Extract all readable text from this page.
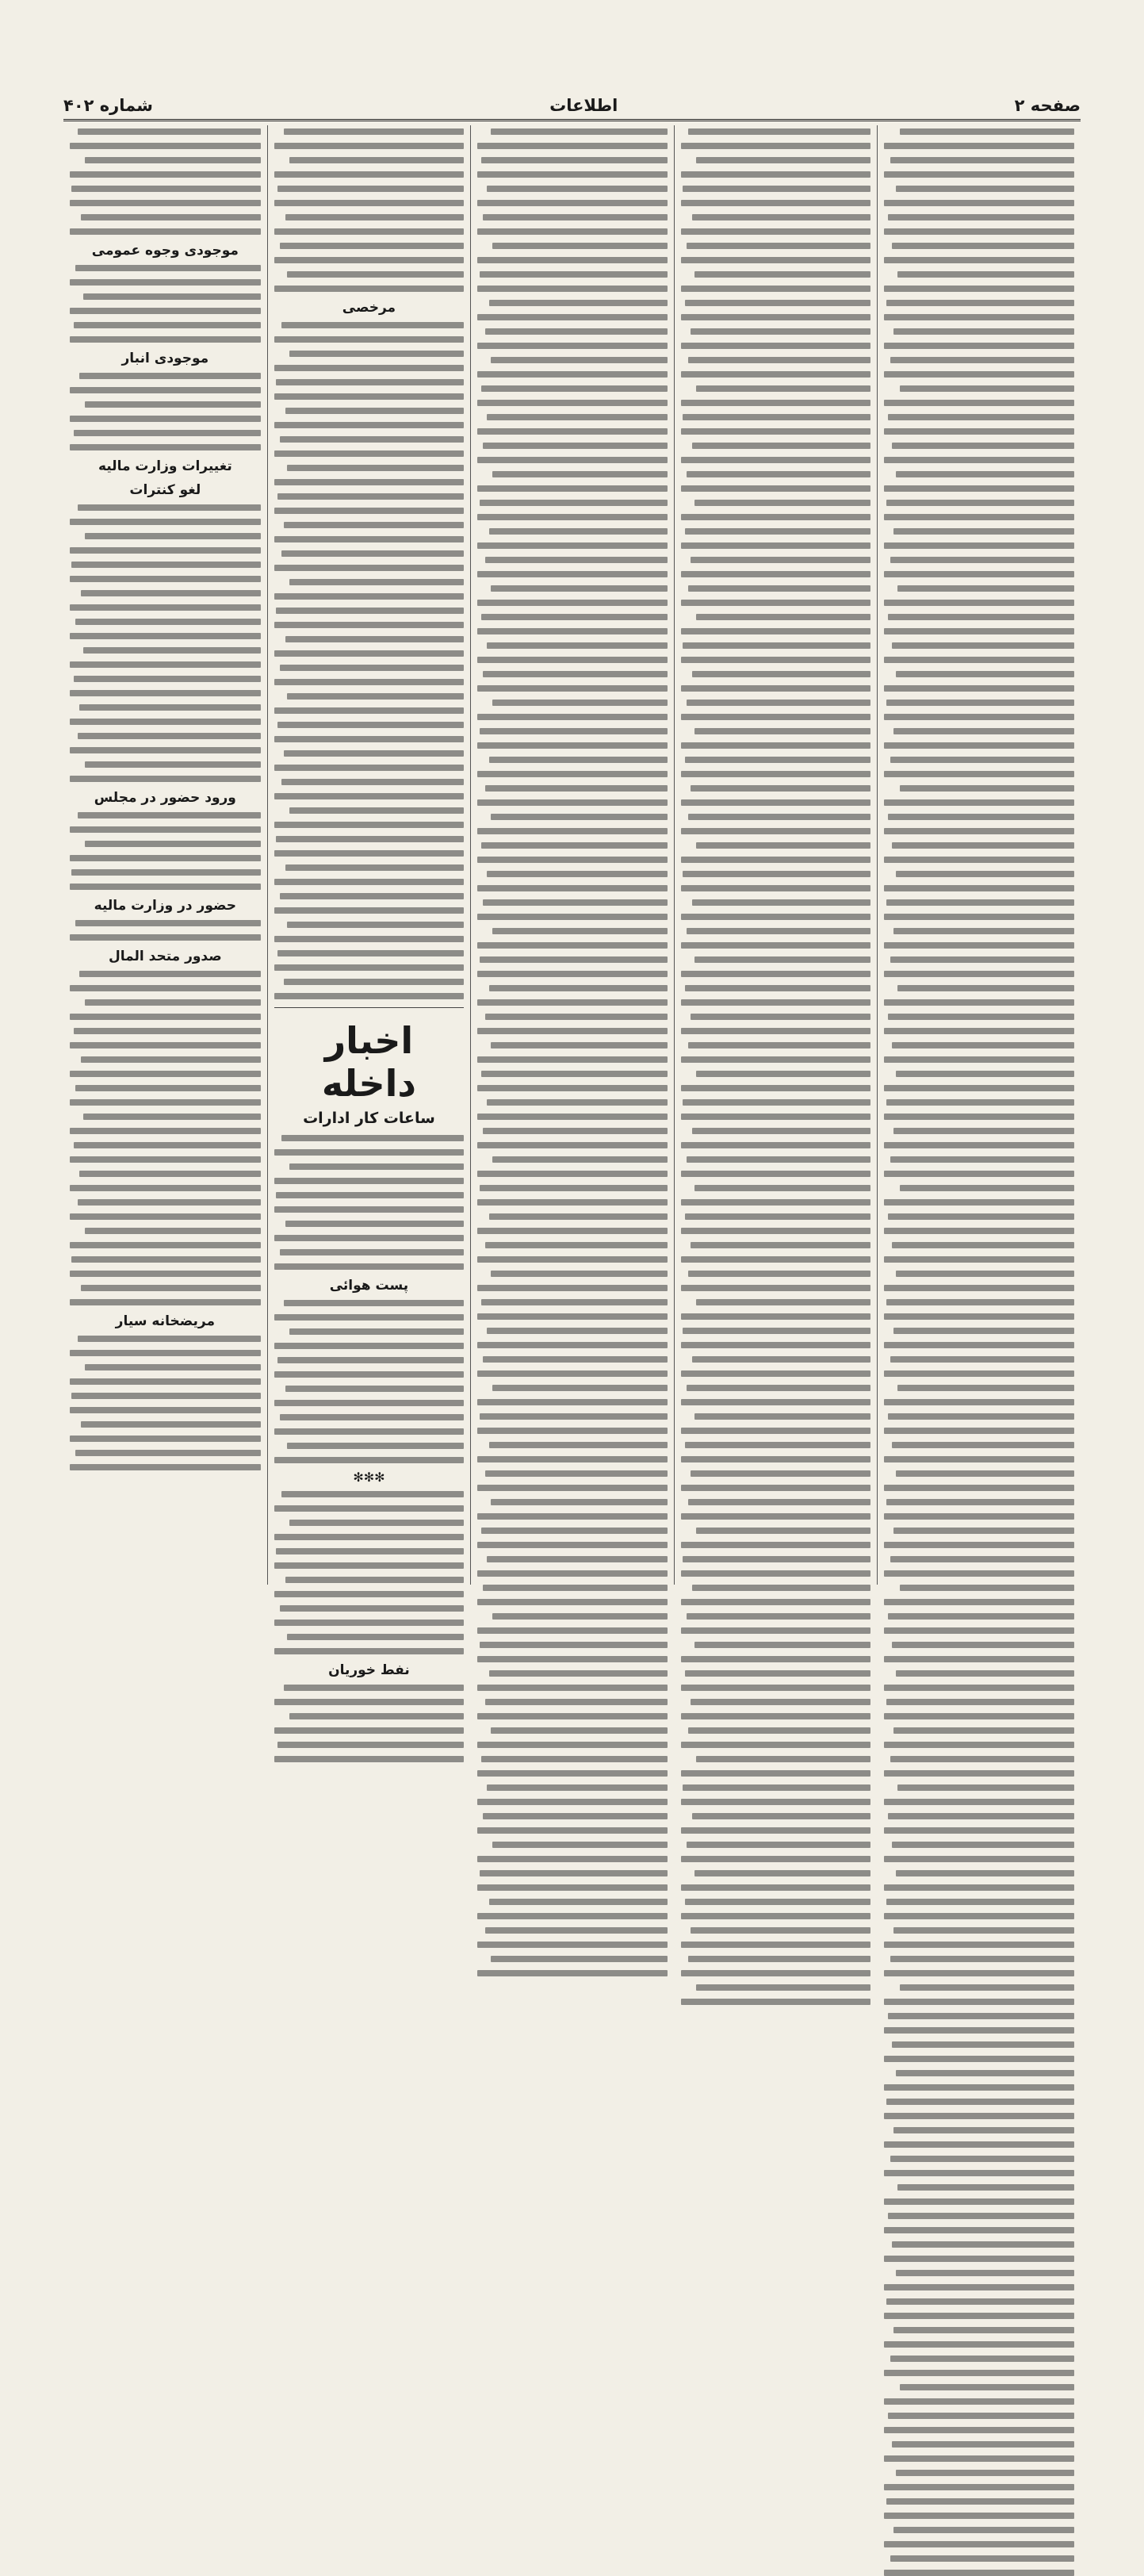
صفحه ۲
اطلاعات
شماره ۴۰۲
مرخصی
اخبار داخله
ساعات کار ادارات
پست هوائی
✻✻✻
نفط خوریان
موجودی وجوه عمومی
موجودی انبار
تغییرات وزارت مالیه
لغو کنترات
ورود حضور در مجلس
حضور در وزارت مالیه
صدور متحد المال
مریضخانه سیار
